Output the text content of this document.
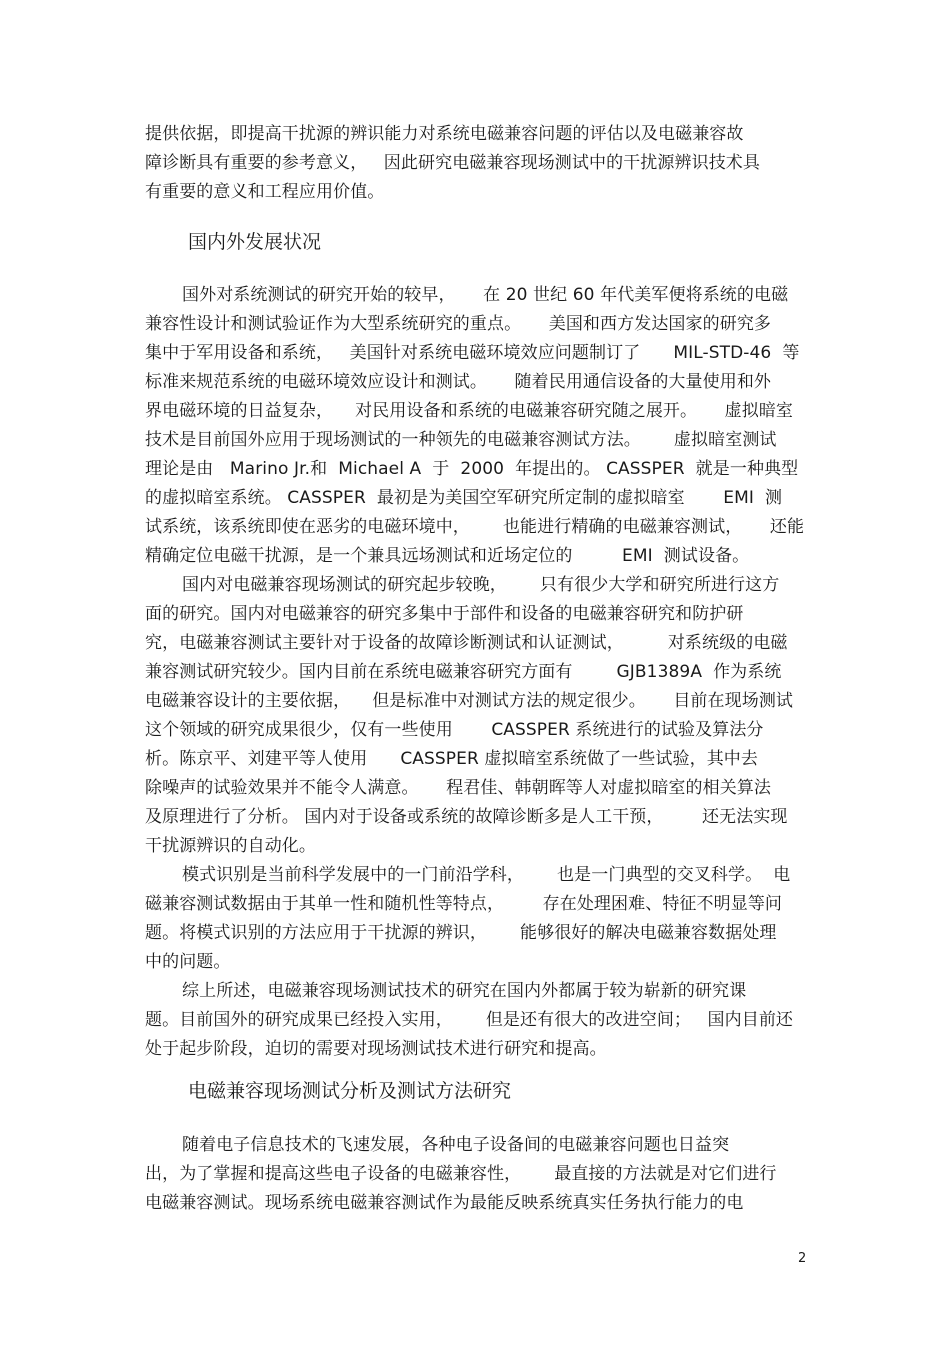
提供依据，即提高干扰源的辨识能力对系统电磁兼容问题的评估以及电磁兼容故
障诊断具有重要的参考意义，   因此研究电磁兼容现场测试中的干扰源辨识技术具
有重要的意义和工程应用价值。
国内外发展状况
国外对系统测试的研究开始的较早，     在 20 世纪 60 年代美军便将系统的电磁
兼容性设计和测试验证作为大型系统研究的重点。     美国和西方发达国家的研究多
集中于军用设备和系统，   美国针对系统电磁环境效应问题制订了      MIL-STD-46  等
标准来规范系统的电磁环境效应设计和测试。     随着民用通信设备的大量使用和外
界电磁环境的日益复杂，    对民用设备和系统的电磁兼容研究随之展开。     虚拟暗室
技术是目前国外应用于现场测试的一种领先的电磁兼容测试方法。      虚拟暗室测试
理论是由   Marino Jr.和  Michael A  于  2000  年提出的。 CASSPER  就是一种典型
的虚拟暗室系统。 CASSPER  最初是为美国空军研究所定制的虚拟暗室       EMI  测
试系统，该系统即使在恶劣的电磁环境中，      也能进行精确的电磁兼容测试，     还能
精确定位电磁干扰源，是一个兼具远场测试和近场定位的         EMI  测试设备。
国内对电磁兼容现场测试的研究起步较晚，      只有很少大学和研究所进行这方
面的研究。国内对电磁兼容的研究多集中于部件和设备的电磁兼容研究和防护研
究，电磁兼容测试主要针对于设备的故障诊断测试和认证测试，        对系统级的电磁
兼容测试研究较少。国内目前在系统电磁兼容研究方面有        GJB1389A  作为系统
电磁兼容设计的主要依据，    但是标准中对测试方法的规定很少。     目前在现场测试
这个领域的研究成果很少，仅有一些使用       CASSPER 系统进行的试验及算法分
析。陈京平、刘建平等人使用      CASSPER 虚拟暗室系统做了一些试验，其中去
除噪声的试验效果并不能令人满意。     程君佳、韩朝晖等人对虚拟暗室的相关算法
及原理进行了分析。 国内对于设备或系统的故障诊断多是人工干预，       还无法实现
干扰源辨识的自动化。
模式识别是当前科学发展中的一门前沿学科，      也是一门典型的交叉科学。  电
磁兼容测试数据由于其单一性和随机性等特点，       存在处理困难、特征不明显等问
题。将模式识别的方法应用于干扰源的辨识，      能够很好的解决电磁兼容数据处理
中的问题。
综上所述，电磁兼容现场测试技术的研究在国内外都属于较为崭新的研究课
题。目前国外的研究成果已经投入实用，      但是还有很大的改进空间；   国内目前还
处于起步阶段，迫切的需要对现场测试技术进行研究和提高。
电磁兼容现场测试分析及测试方法研究
随着电子信息技术的飞速发展，各种电子设备间的电磁兼容问题也日益突
出，为了掌握和提高这些电子设备的电磁兼容性，      最直接的方法就是对它们进行
电磁兼容测试。现场系统电磁兼容测试作为最能反映系统真实任务执行能力的电
2
